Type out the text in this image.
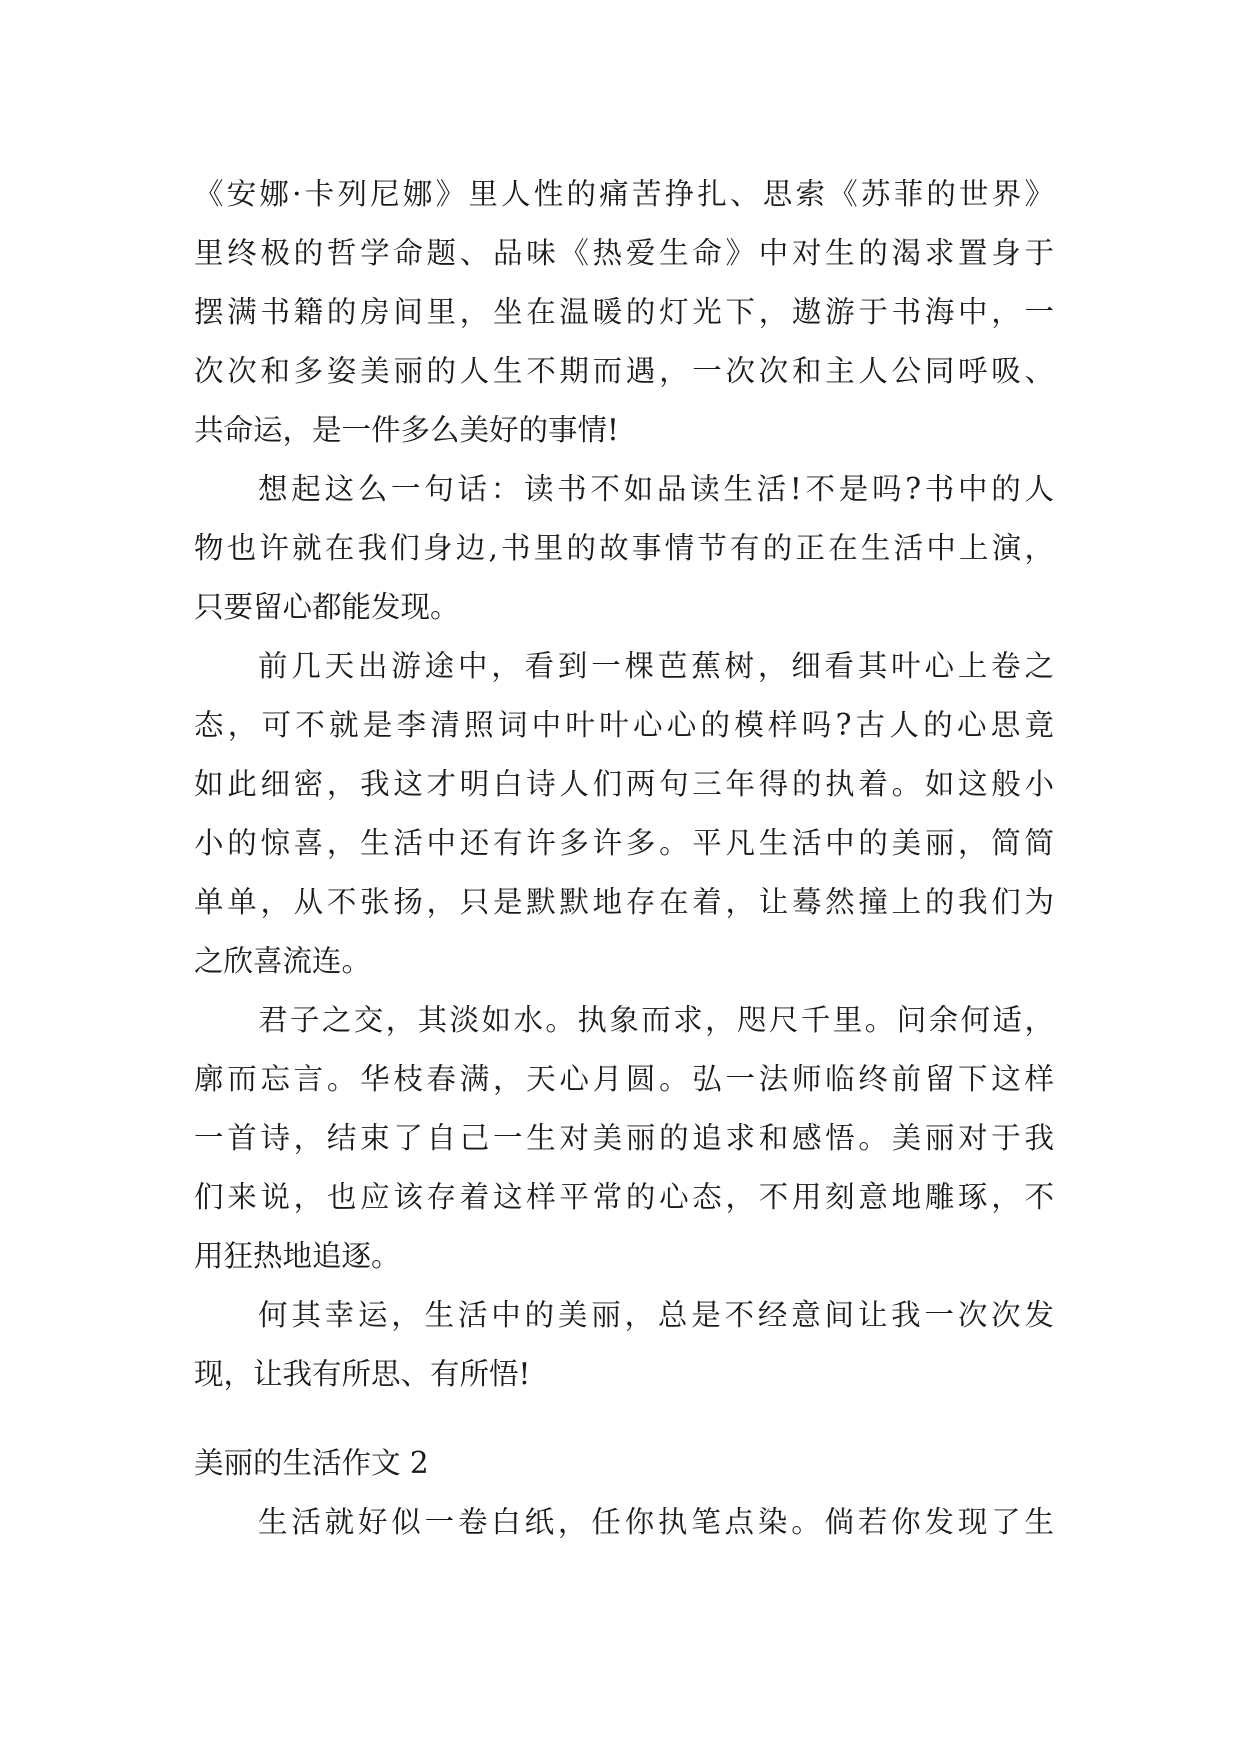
《安娜·卡列尼娜》里人性的痛苦挣扎、思索《苏菲的世界》
里终极的哲学命题、品味《热爱生命》中对生的渴求置身于
摆满书籍的房间里，坐在温暖的灯光下，遨游于书海中，一
次次和多姿美丽的人生不期而遇，一次次和主人公同呼吸、
共命运，是一件多么美好的事情!
想起这么一句话：读书不如品读生活!不是吗?书中的人
物也许就在我们身边,书里的故事情节有的正在生活中上演，
只要留心都能发现。
前几天出游途中，看到一棵芭蕉树，细看其叶心上卷之
态，可不就是李清照词中叶叶心心的模样吗?古人的心思竟
如此细密，我这才明白诗人们两句三年得的执着。如这般小
小的惊喜，生活中还有许多许多。平凡生活中的美丽，简简
单单，从不张扬，只是默默地存在着，让蓦然撞上的我们为
之欣喜流连。
君子之交，其淡如水。执象而求，咫尺千里。问余何适，
廓而忘言。华枝春满，天心月圆。弘一法师临终前留下这样
一首诗，结束了自己一生对美丽的追求和感悟。美丽对于我
们来说，也应该存着这样平常的心态，不用刻意地雕琢，不
用狂热地追逐。
何其幸运，生活中的美丽，总是不经意间让我一次次发
现，让我有所思、有所悟!
美丽的生活作文 2
生活就好似一卷白纸，任你执笔点染。倘若你发现了生
